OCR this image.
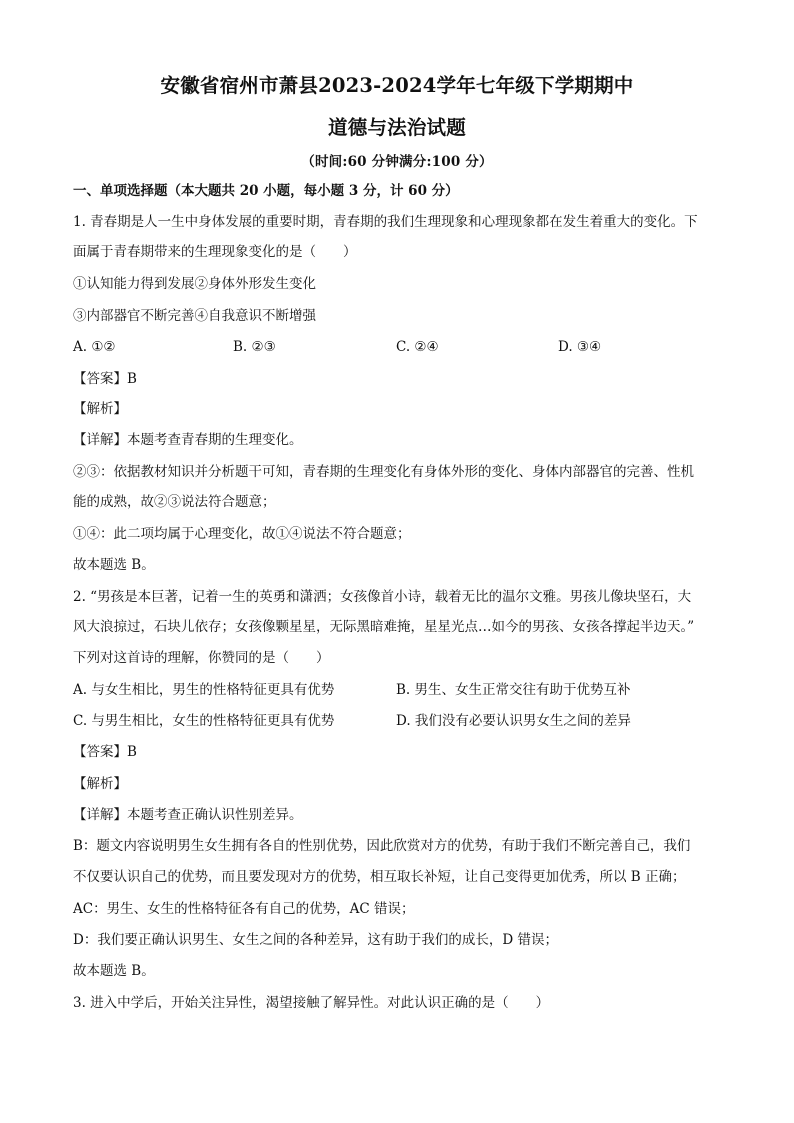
安徽省宿州市萧县2023-2024学年七年级下学期期中
道德与法治试题
（时间:60 分钟满分:100 分）
一、单项选择题（本大题共 20 小题，每小题 3 分，计 60 分）
1. 青春期是人一生中身体发展的重要时期，青春期的我们生理现象和心理现象都在发生着重大的变化。下
面属于青春期带来的生理现象变化的是（　　）
①认知能力得到发展②身体外形发生变化
③内部器官不断完善④自我意识不断增强
A. ①②	B. ②③	C. ②④	D. ③④
【答案】B
【解析】
【详解】本题考查青春期的生理变化。
②③：依据教材知识并分析题干可知，青春期的生理变化有身体外形的变化、身体内部器官的完善、性机
能的成熟，故②③说法符合题意；
①④：此二项均属于心理变化，故①④说法不符合题意；
故本题选 B。
2. “男孩是本巨著，记着一生的英勇和潇洒；女孩像首小诗，载着无比的温尔文雅。男孩儿像块坚石，大
风大浪掠过，石块儿依存；女孩像颗星星，无际黑暗难掩，星星光点…如今的男孩、女孩各撑起半边天。”
下列对这首诗的理解，你赞同的是（　　）
A. 与女生相比，男生的性格特征更具有优势	B. 男生、女生正常交往有助于优势互补
C. 与男生相比，女生的性格特征更具有优势	D. 我们没有必要认识男女生之间的差异
【答案】B
【解析】
【详解】本题考查正确认识性别差异。
B：题文内容说明男生女生拥有各自的性别优势，因此欣赏对方的优势，有助于我们不断完善自己，我们
不仅要认识自己的优势，而且要发现对方的优势，相互取长补短，让自己变得更加优秀，所以 B 正确；
AC：男生、女生的性格特征各有自己的优势，AC 错误；
D：我们要正确认识男生、女生之间的各种差异，这有助于我们的成长，D 错误；
故本题选 B。
3. 进入中学后，开始关注异性，渴望接触了解异性。对此认识正确的是（　　）
